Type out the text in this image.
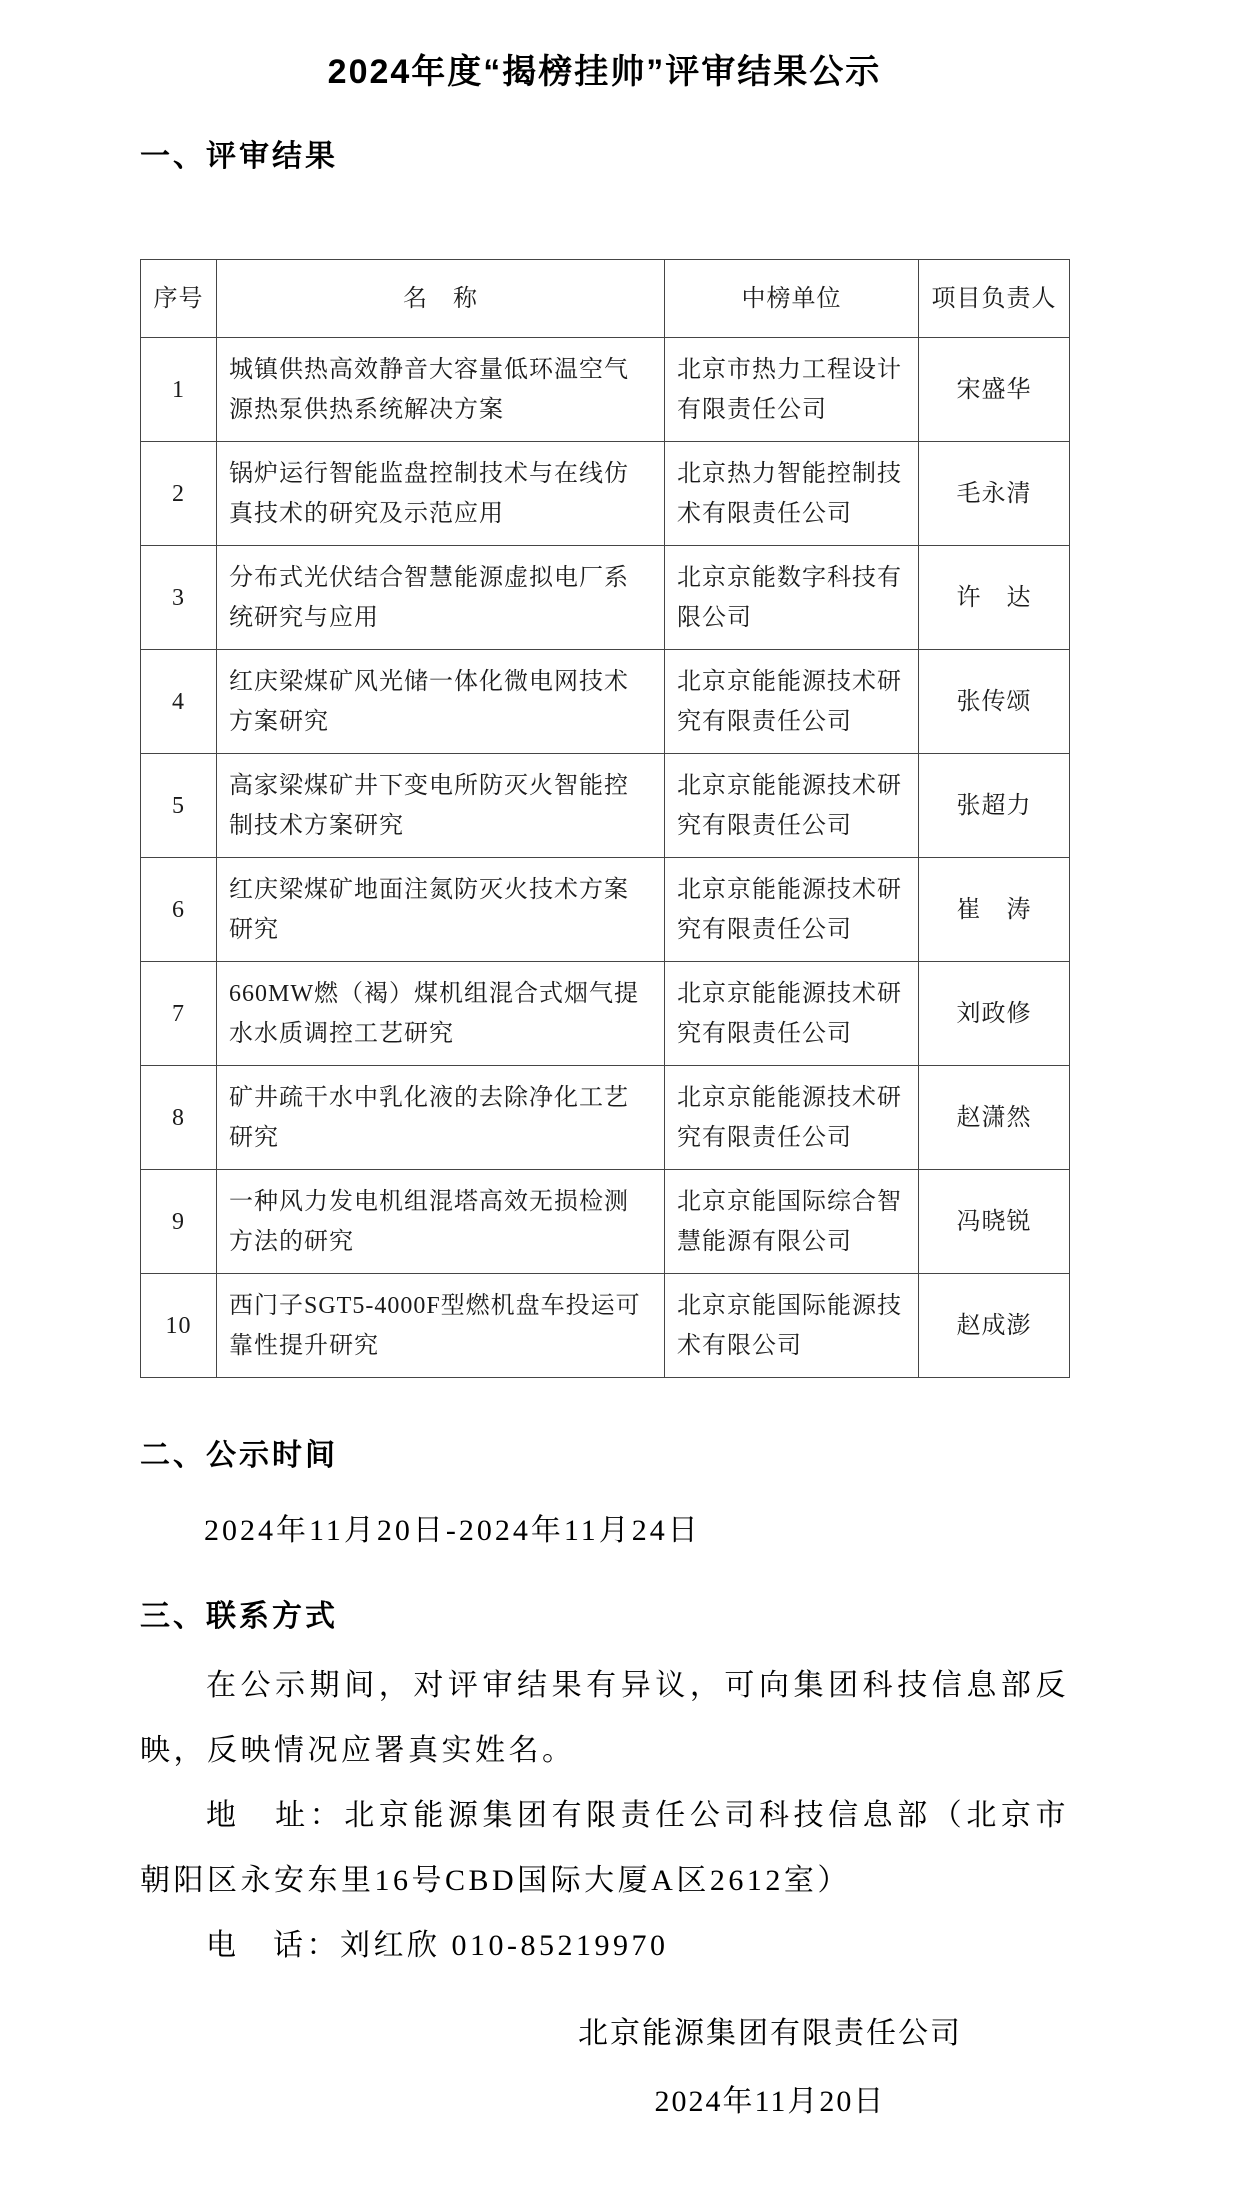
2024年度“揭榜挂帅”评审结果公示
一、评审结果
序号	名　称	中榜单位	项目负责人
1	城镇供热高效静音大容量低环温空气源热泵供热系统解决方案	北京市热力工程设计有限责任公司	宋盛华
2	锅炉运行智能监盘控制技术与在线仿真技术的研究及示范应用	北京热力智能控制技术有限责任公司	毛永清
3	分布式光伏结合智慧能源虚拟电厂系统研究与应用	北京京能数字科技有限公司	许　达
4	红庆梁煤矿风光储一体化微电网技术方案研究	北京京能能源技术研究有限责任公司	张传颂
5	高家梁煤矿井下变电所防灭火智能控制技术方案研究	北京京能能源技术研究有限责任公司	张超力
6	红庆梁煤矿地面注氮防灭火技术方案研究	北京京能能源技术研究有限责任公司	崔　涛
7	660MW燃（褐）煤机组混合式烟气提水水质调控工艺研究	北京京能能源技术研究有限责任公司	刘政修
8	矿井疏干水中乳化液的去除净化工艺研究	北京京能能源技术研究有限责任公司	赵潇然
9	一种风力发电机组混塔高效无损检测方法的研究	北京京能国际综合智慧能源有限公司	冯晓锐
10	西门子SGT5-4000F型燃机盘车投运可靠性提升研究	北京京能国际能源技术有限公司	赵成澎
二、公示时间

2024年11月20日-2024年11月24日

三、联系方式

在公示期间，对评审结果有异议，可向集团科技信息部反映，反映情况应署真实姓名。

地　址：北京能源集团有限责任公司科技信息部（北京市朝阳区永安东里16号CBD国际大厦A区2612室）

电　话：刘红欣 010-85219970

北京能源集团有限责任公司

2024年11月20日
